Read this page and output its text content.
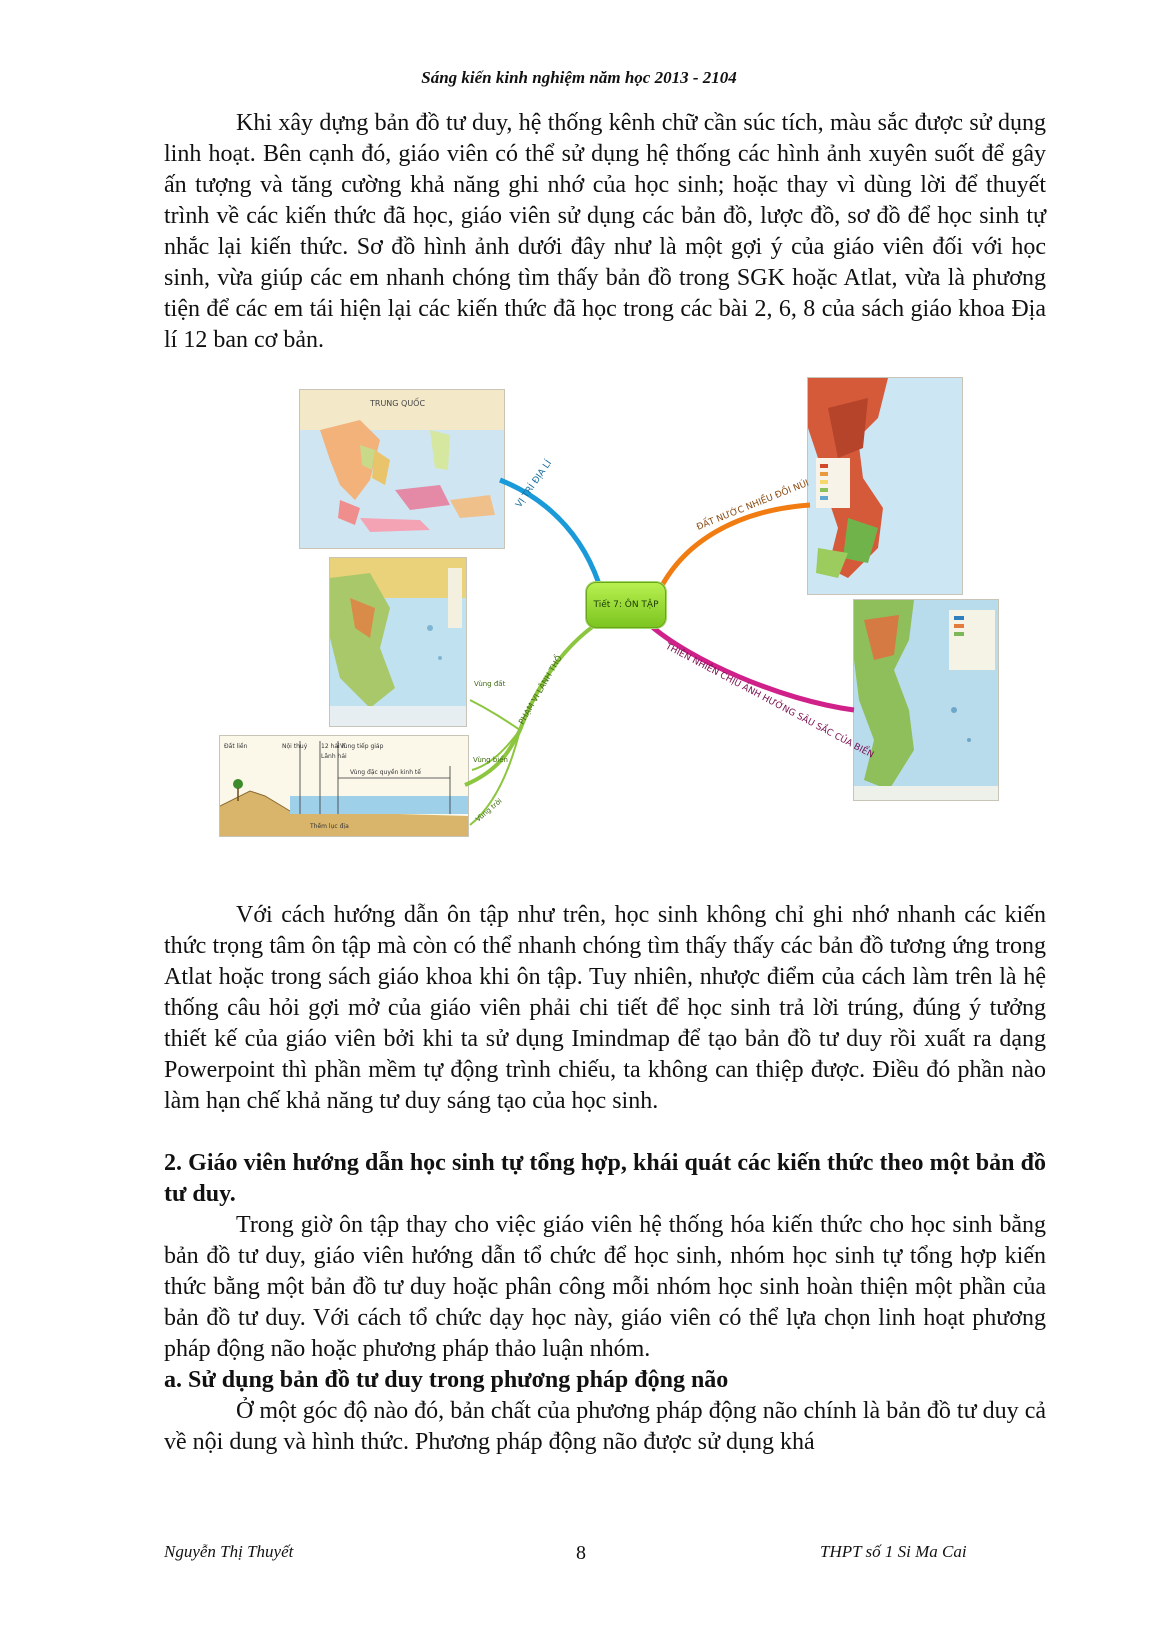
Sáng kiến kinh nghiệm năm học 2013 - 2104

Khi xây dựng bản đồ tư duy, hệ thống kênh chữ cần súc tích, màu sắc được sử dụng linh hoạt. Bên cạnh đó, giáo viên có thể sử dụng hệ thống các hình ảnh xuyên suốt để gây ấn tượng và tăng cường khả năng ghi nhớ của học sinh; hoặc thay vì dùng lời để thuyết trình về các kiến thức đã học, giáo viên sử dụng các bản đồ, lược đồ, sơ đồ để học sinh tự nhắc lại kiến thức. Sơ đồ hình ảnh dưới đây như là một gợi ý của giáo viên đối với học sinh, vừa giúp các em nhanh chóng tìm thấy bản đồ trong SGK hoặc Atlat, vừa là phương tiện để các em tái hiện lại các kiến thức đã học trong các bài 2, 6, 8 của sách giáo khoa Địa lí 12 ban cơ bản.

TRUNG QUỐC
Đất liền	Nội thuỷ 12 hải lí
Lãnh hải
Vùng tiếp giáp
Vùng đặc quyền kinh tế
Thềm lục địa
VỊ TRÍ ĐỊA LÍ	ĐẤT NƯỚC NHIỀU ĐỒI NÚI
THIÊN NHIÊN CHỊU ẢNH HƯỞNG SÂU SẮC CỦA BIỂN
PHẠM VI LÃNH THỔ
Vùng đất
Vùng biển
Vùng trời
Tiết 7: ÔN TẬP

Với cách hướng dẫn ôn tập như trên, học sinh không chỉ ghi nhớ nhanh các kiến thức trọng tâm ôn tập mà còn có thể nhanh chóng tìm thấy thấy các bản đồ tương ứng trong Atlat hoặc trong sách giáo khoa khi ôn tập. Tuy nhiên, nhược điểm của cách làm trên là hệ thống câu hỏi gợi mở của giáo viên phải chi tiết để học sinh trả lời trúng, đúng ý tưởng thiết kế của giáo viên bởi khi ta sử dụng Imindmap để tạo bản đồ tư duy rồi xuất ra dạng Powerpoint thì phần mềm tự động trình chiếu, ta không can thiệp được. Điều đó phần nào làm hạn chế khả năng tư duy sáng tạo của học sinh.

2. Giáo viên hướng dẫn học sinh tự tổng hợp, khái quát các kiến thức theo một bản đồ tư duy.

Trong giờ ôn tập thay cho việc giáo viên hệ thống hóa kiến thức cho học sinh bằng bản đồ tư duy, giáo viên hướng dẫn tổ chức để học sinh, nhóm học sinh tự tổng hợp kiến thức bằng một bản đồ tư duy hoặc phân công mỗi nhóm học sinh hoàn thiện một phần của bản đồ tư duy. Với cách tổ chức dạy học này, giáo viên có thể lựa chọn linh hoạt phương pháp động não hoặc phương pháp thảo luận nhóm.

a. Sử dụng bản đồ tư duy trong phương pháp động não

Ở một góc độ nào đó, bản chất của phương pháp động não chính là bản đồ tư duy cả về nội dung và hình thức. Phương pháp động não được sử dụng khá

Nguyễn Thị Thuyết	8	THPT số 1 Si Ma Cai
